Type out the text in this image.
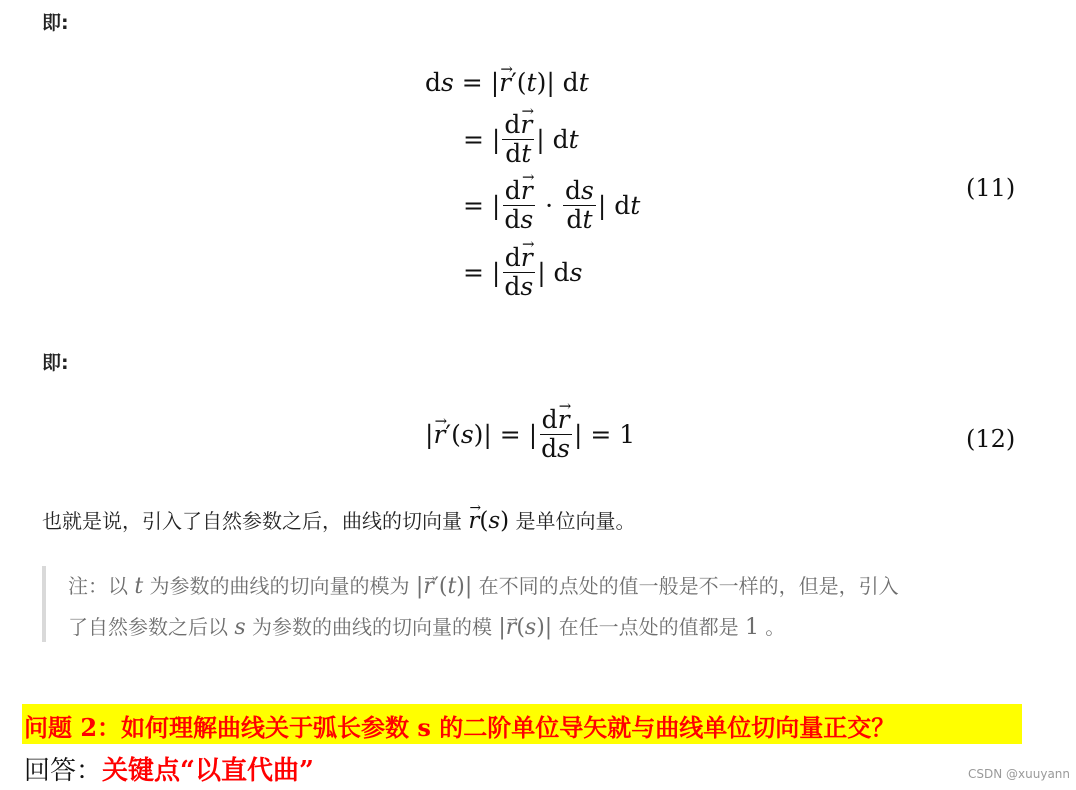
即:
ds = |→ r′(t)| dt
= | $\frac{d\to r}{dt}$ | dt
= | $\frac{d\to r}{ds} \cdot \frac{ds}{dt}$ | dt
= | $\frac{d\to r}{ds}$ | ds
(11)
即:
|→ r′(s)| = | $\frac{d\to r}{ds}$ | = 1	(12)
也就是说，引入了自然参数之后，曲线的切向量 → r(s) 是单位向量。
注：以 t 为参数的曲线的切向量的模为 |→ r′(t)| 在不同的点处的值一般是不一样的，但是，引入
了自然参数之后以 s 为参数的曲线的切向量的模 |→ r(s)| 在任一点处的值都是 1 。
问题 2：如何理解曲线关于弧长参数 s 的二阶单位导矢就与曲线单位切向量正交？
回答：关键点“以直代曲”	CSDN @xuuyann
